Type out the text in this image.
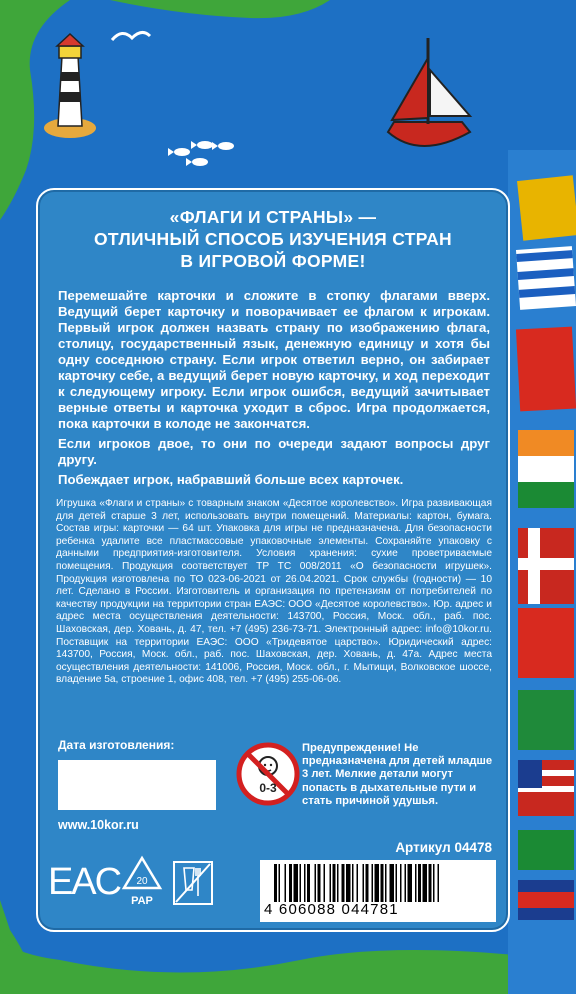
«ФЛАГИ И СТРАНЫ» —
ОТЛИЧНЫЙ СПОСОБ ИЗУЧЕНИЯ СТРАН
В ИГРОВОЙ ФОРМЕ!

Перемешайте карточки и сложите в стопку флагами вверх. Ведущий берет карточку и поворачивает ее флагом к игрокам. Первый игрок должен назвать страну по изображению флага, столицу, государственный язык, денежную единицу и хотя бы одну соседнюю страну. Если игрок ответил верно, он забирает карточку себе, а ведущий берет новую карточку, и ход переходит к следующему игроку. Если игрок ошибся, ведущий зачитывает верные ответы и карточка уходит в сброс. Игра продолжается, пока карточки в колоде не закончатся.

Если игроков двое, то они по очереди задают вопросы друг другу.

Побеждает игрок, набравший больше всех карточек.

Игрушка «Флаги и страны» с товарным знаком «Десятое королевство». Игра развивающая для детей старше 3 лет, использовать внутри помещений. Материалы: картон, бумага. Состав игры: карточки — 64 шт. Упаковка для игры не предназначена. Для безопасности ребенка удалите все пластмассовые упаковочные элементы. Сохраняйте упаковку с данными предприятия-изготовителя. Условия хранения: сухие проветриваемые помещения. Продукция соответствует ТР ТС 008/2011 «О безопасности игрушек». Продукция изготовлена по ТО 023-06-2021 от 26.04.2021. Срок службы (годности) — 10 лет. Сделано в России. Изготовитель и организация по претензиям от потребителей по качеству продукции на территории стран ЕАЭС: ООО «Десятое королевство». Юр. адрес и адрес места осуществления деятельности: 143700, Россия, Моск. обл., раб. пос. Шаховская, дер. Ховань, д. 47, тел. +7 (495) 236-73-71. Электронный адрес: info@10kor.ru. Поставщик на территории ЕАЭС: ООО «Тридевятое царство». Юридический адрес: 143700, Россия, Моск. обл., раб. пос. Шаховская, дер. Ховань, д. 47а. Адрес места осуществления деятельности: 141006, Россия, Моск. обл., г. Мытищи, Волковское шоссе, владение 5а, строение 1, офис 408, тел. +7 (495) 255-06-06.
Дата изготовления:
www.10kor.ru
0-3
Предупреждение! Не предназначена для детей младше 3 лет. Мелкие детали могут попасть в дыхательные пути и стать причиной удушья.
Артикул 04478
EAC 20
PAP	4 606088 044781
